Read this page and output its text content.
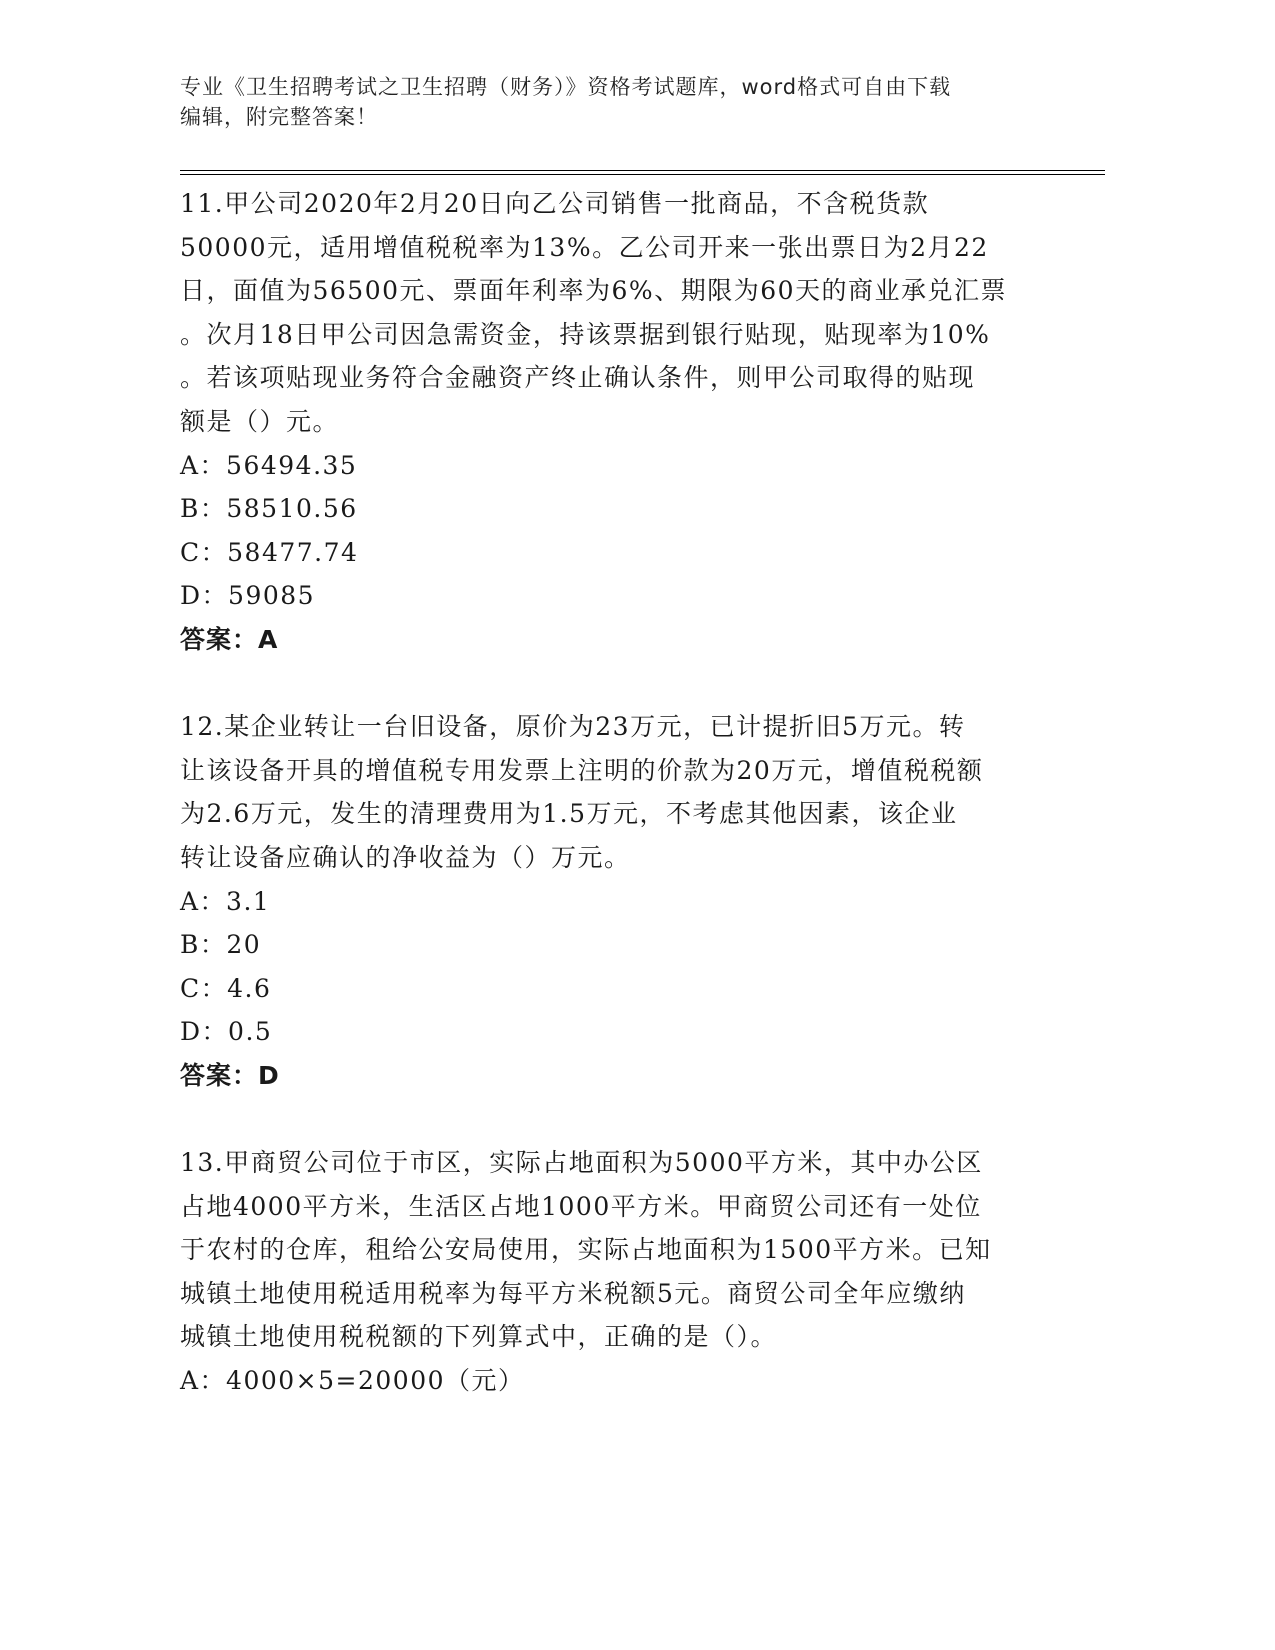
专业《卫生招聘考试之卫生招聘（财务）》资格考试题库，word格式可自由下载
编辑，附完整答案！

11.甲公司2020年2月20日向乙公司销售一批商品，不含税货款

50000元，适用增值税税率为13%。乙公司开来一张出票日为2月22

日，面值为56500元、票面年利率为6%、期限为60天的商业承兑汇票

。次月18日甲公司因急需资金，持该票据到银行贴现，贴现率为10%

。若该项贴现业务符合金融资产终止确认条件，则甲公司取得的贴现

额是（）元。

A：56494.35

B：58510.56

C：58477.74

D：59085

答案：A

12.某企业转让一台旧设备，原价为23万元，已计提折旧5万元。转

让该设备开具的增值税专用发票上注明的价款为20万元，增值税税额

为2.6万元，发生的清理费用为1.5万元，不考虑其他因素，该企业

转让设备应确认的净收益为（）万元。

A：3.1

B：20

C：4.6

D：0.5

答案：D

13.甲商贸公司位于市区，实际占地面积为5000平方米，其中办公区

占地4000平方米，生活区占地1000平方米。甲商贸公司还有一处位

于农村的仓库，租给公安局使用，实际占地面积为1500平方米。已知

城镇土地使用税适用税率为每平方米税额5元。商贸公司全年应缴纳

城镇土地使用税税额的下列算式中，正确的是（）。

A：4000×5=20000（元）
